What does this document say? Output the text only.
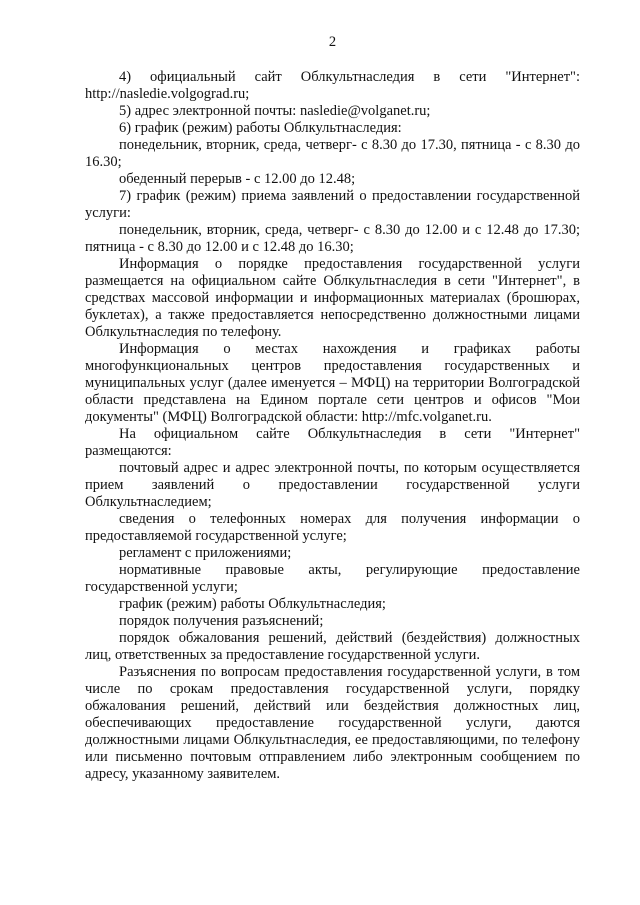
2

4) официальный сайт Облкультнаследия в сети "Интернет": http://nasledie.volgograd.ru;

5) адрес электронной почты: nasledie@volganet.ru;

6) график (режим) работы Облкультнаследия:

понедельник, вторник, среда, четверг- с 8.30 до 17.30, пятница - с 8.30 до 16.30;

обеденный перерыв - с 12.00 до 12.48;

7) график (режим) приема заявлений о предоставлении государственной услуги:

понедельник, вторник, среда, четверг- с 8.30 до 12.00 и с 12.48 до 17.30; пятница - с 8.30 до 12.00 и с 12.48 до 16.30;

Информация о порядке предоставления государственной услуги размещается на официальном сайте Облкультнаследия в сети "Интернет", в средствах массовой информации и информационных материалах (брошюрах, буклетах), а также предоставляется непосредственно должностными лицами Облкультнаследия по телефону.

Информация о местах нахождения и графиках работы многофункциональных центров предоставления государственных и муниципальных услуг (далее именуется – МФЦ) на территории Волгоградской области представлена на Едином портале сети центров и офисов "Мои документы" (МФЦ) Волгоградской области: http://mfc.volganet.ru.

На официальном сайте Облкультнаследия в сети "Интернет" размещаются:

почтовый адрес и адрес электронной почты, по которым осуществляется прием заявлений о предоставлении государственной услуги Облкультнаследием;

сведения о телефонных номерах для получения информации о предоставляемой государственной услуге;

регламент с приложениями;

нормативные правовые акты, регулирующие предоставление государственной услуги;

график (режим) работы Облкультнаследия;

порядок получения разъяснений;

порядок обжалования решений, действий (бездействия) должностных лиц, ответственных за предоставление государственной услуги.

Разъяснения по вопросам предоставления государственной услуги, в том числе по срокам предоставления государственной услуги, порядку обжалования решений, действий или бездействия должностных лиц, обеспечивающих предоставление государственной услуги, даются должностными лицами Облкультнаследия, ее предоставляющими, по телефону или письменно почтовым отправлением либо электронным сообщением по адресу, указанному заявителем.
